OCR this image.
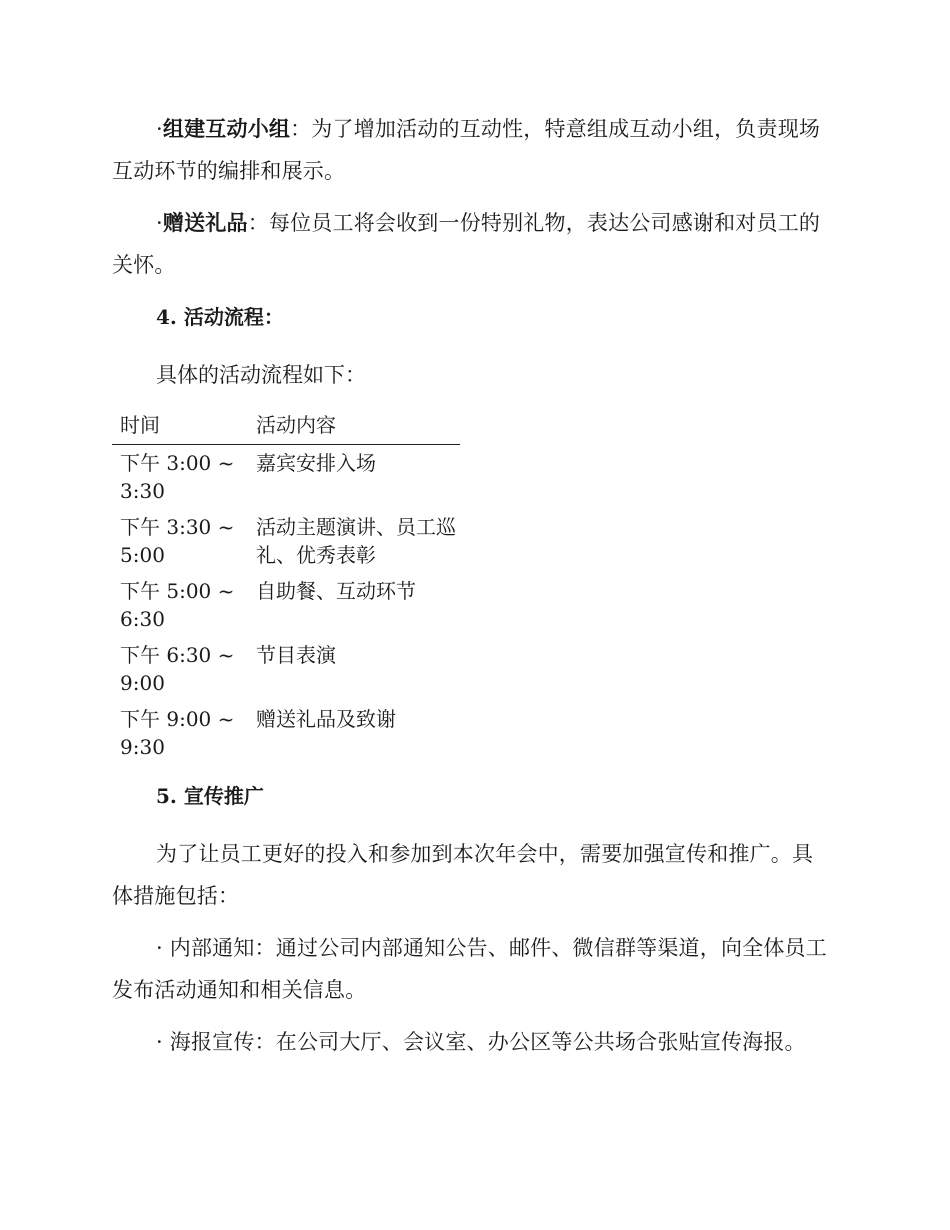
·组建互动小组：为了增加活动的互动性，特意组成互动小组，负责现场互动环节的编排和展示。

·赠送礼品：每位员工将会收到一份特别礼物，表达公司感谢和对员工的关怀。

4. 活动流程：
具体的活动流程如下：
时间	活动内容
下午 3:00 ~ 3:30	嘉宾安排入场
下午 3:30 ~ 5:00	活动主题演讲、员工巡礼、优秀表彰
下午 5:00 ~ 6:30	自助餐、互动环节
下午 6:30 ~ 9:00	节目表演
下午 9:00 ~ 9:30	赠送礼品及致谢
5. 宣传推广

为了让员工更好的投入和参加到本次年会中，需要加强宣传和推广。具体措施包括：

· 内部通知：通过公司内部通知公告、邮件、微信群等渠道，向全体员工发布活动通知和相关信息。

· 海报宣传：在公司大厅、会议室、办公区等公共场合张贴宣传海报。
